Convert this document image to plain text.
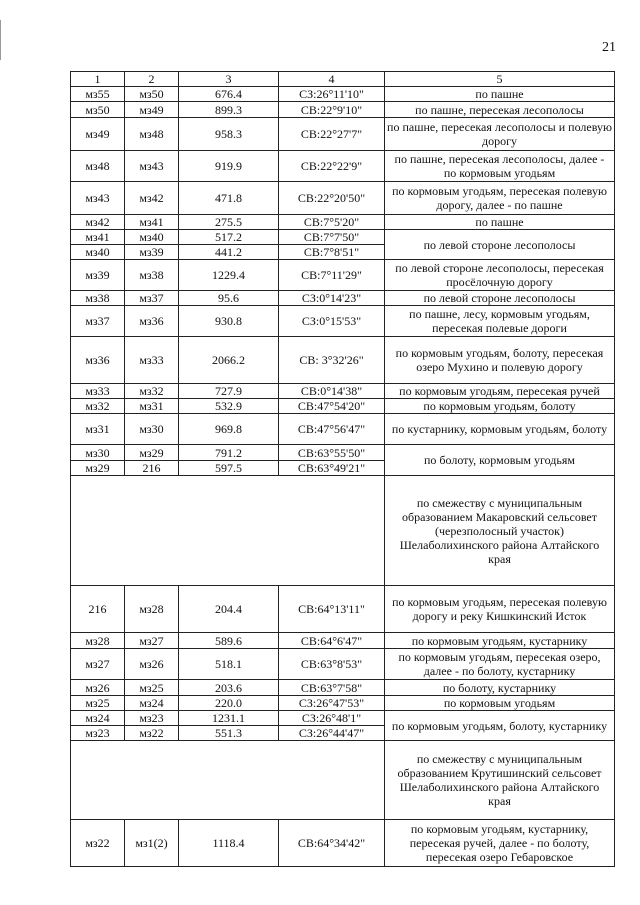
21
1	2	3	4	5
мз55	мз50	676.4	СЗ:26°11'10"	по пашне
мз50	мз49	899.3	СВ:22°9'10"	по пашне, пересекая лесополосы
мз49	мз48	958.3	СВ:22°27'7"	по пашне, пересекая лесополосы и полевую дорогу
мз48	мз43	919.9	СВ:22°22'9"	по пашне, пересекая лесополосы, далее - по кормовым угодьям
мз43	мз42	471.8	СВ:22°20'50"	по кормовым угодьям, пересекая полевую дорогу, далее - по пашне
мз42	мз41	275.5	СВ:7°5'20"	по пашне
мз41	мз40	517.2	СВ:7°7'50"	по левой стороне лесополосы
мз40	мз39	441.2	СВ:7°8'51"	
мз39	мз38	1229.4	СВ:7°11'29"	по левой стороне лесополосы, пересекая просёлочную дорогу
мз38	мз37	95.6	СЗ:0°14'23"	по левой стороне лесополосы
мз37	мз36	930.8	СЗ:0°15'53"	по пашне, лесу, кормовым угодьям, пересекая полевые дороги
мз36	мз33	2066.2	СВ: 3°32'26"	по кормовым угодьям, болоту, пересекая озеро Мухино и полевую дорогу
мз33	мз32	727.9	СВ:0°14'38"	по кормовым угодьям, пересекая ручей
мз32	мз31	532.9	СВ:47°54'20"	по кормовым угодьям, болоту
мз31	мз30	969.8	СВ:47°56'47"	по кустарнику, кормовым угодьям, болоту
мз30	мз29	791.2	СВ:63°55'50"	по болоту, кормовым угодьям
мз29	216	597.5	СВ:63°49'21"	
				по смежеству с муниципальным образованием Макаровский сельсовет (черезполосный участок) Шелаболихинского района Алтайского края
216	мз28	204.4	СВ:64°13'11"	по кормовым угодьям, пересекая полевую дорогу и реку Кишкинский Исток
мз28	мз27	589.6	СВ:64°6'47"	по кормовым угодьям, кустарнику
мз27	мз26	518.1	СВ:63°8'53"	по кормовым угодьям, пересекая озеро, далее - по болоту, кустарнику
мз26	мз25	203.6	СВ:63°7'58"	по болоту, кустарнику
мз25	мз24	220.0	СЗ:26°47'53"	по кормовым угодьям
мз24	мз23	1231.1	СЗ:26°48'1"	по кормовым угодьям, болоту, кустарнику
мз23	мз22	551.3	СЗ:26°44'47"	
				по смежеству с муниципальным образованием Крутишинский сельсовет Шелаболихинского района Алтайского края
мз22	мз1(2)	1118.4	СВ:64°34'42"	по кормовым угодьям, кустарнику, пересекая ручей, далее - по болоту, пересекая озеро Гебаровское
